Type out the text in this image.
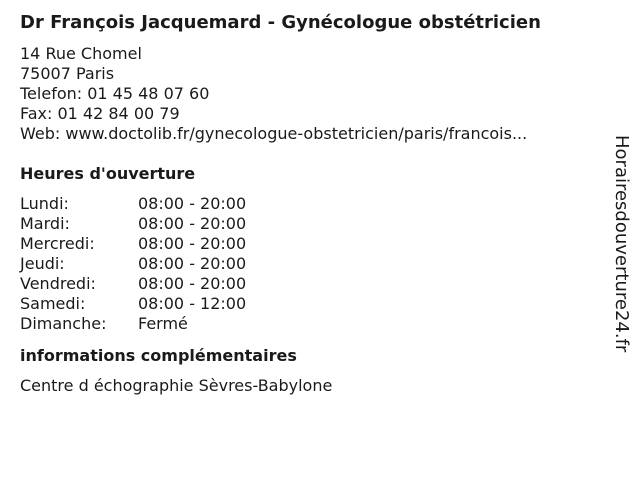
Dr François Jacquemard - Gynécologue obstétricien
14 Rue Chomel
75007 Paris
Telefon: 01 45 48 07 60
Fax: 01 42 84 00 79
Web: www.doctolib.fr/gynecologue-obstetricien/paris/francois...
Heures d'ouverture
Lundi:	08:00 - 20:00
Mardi:	08:00 - 20:00
Mercredi:	08:00 - 20:00
Jeudi:	08:00 - 20:00
Vendredi:	08:00 - 20:00
Samedi:	08:00 - 12:00
Dimanche:	Fermé
informations complémentaires
Centre d échographie Sèvres-Babylone
Horairesdouverture24.fr
